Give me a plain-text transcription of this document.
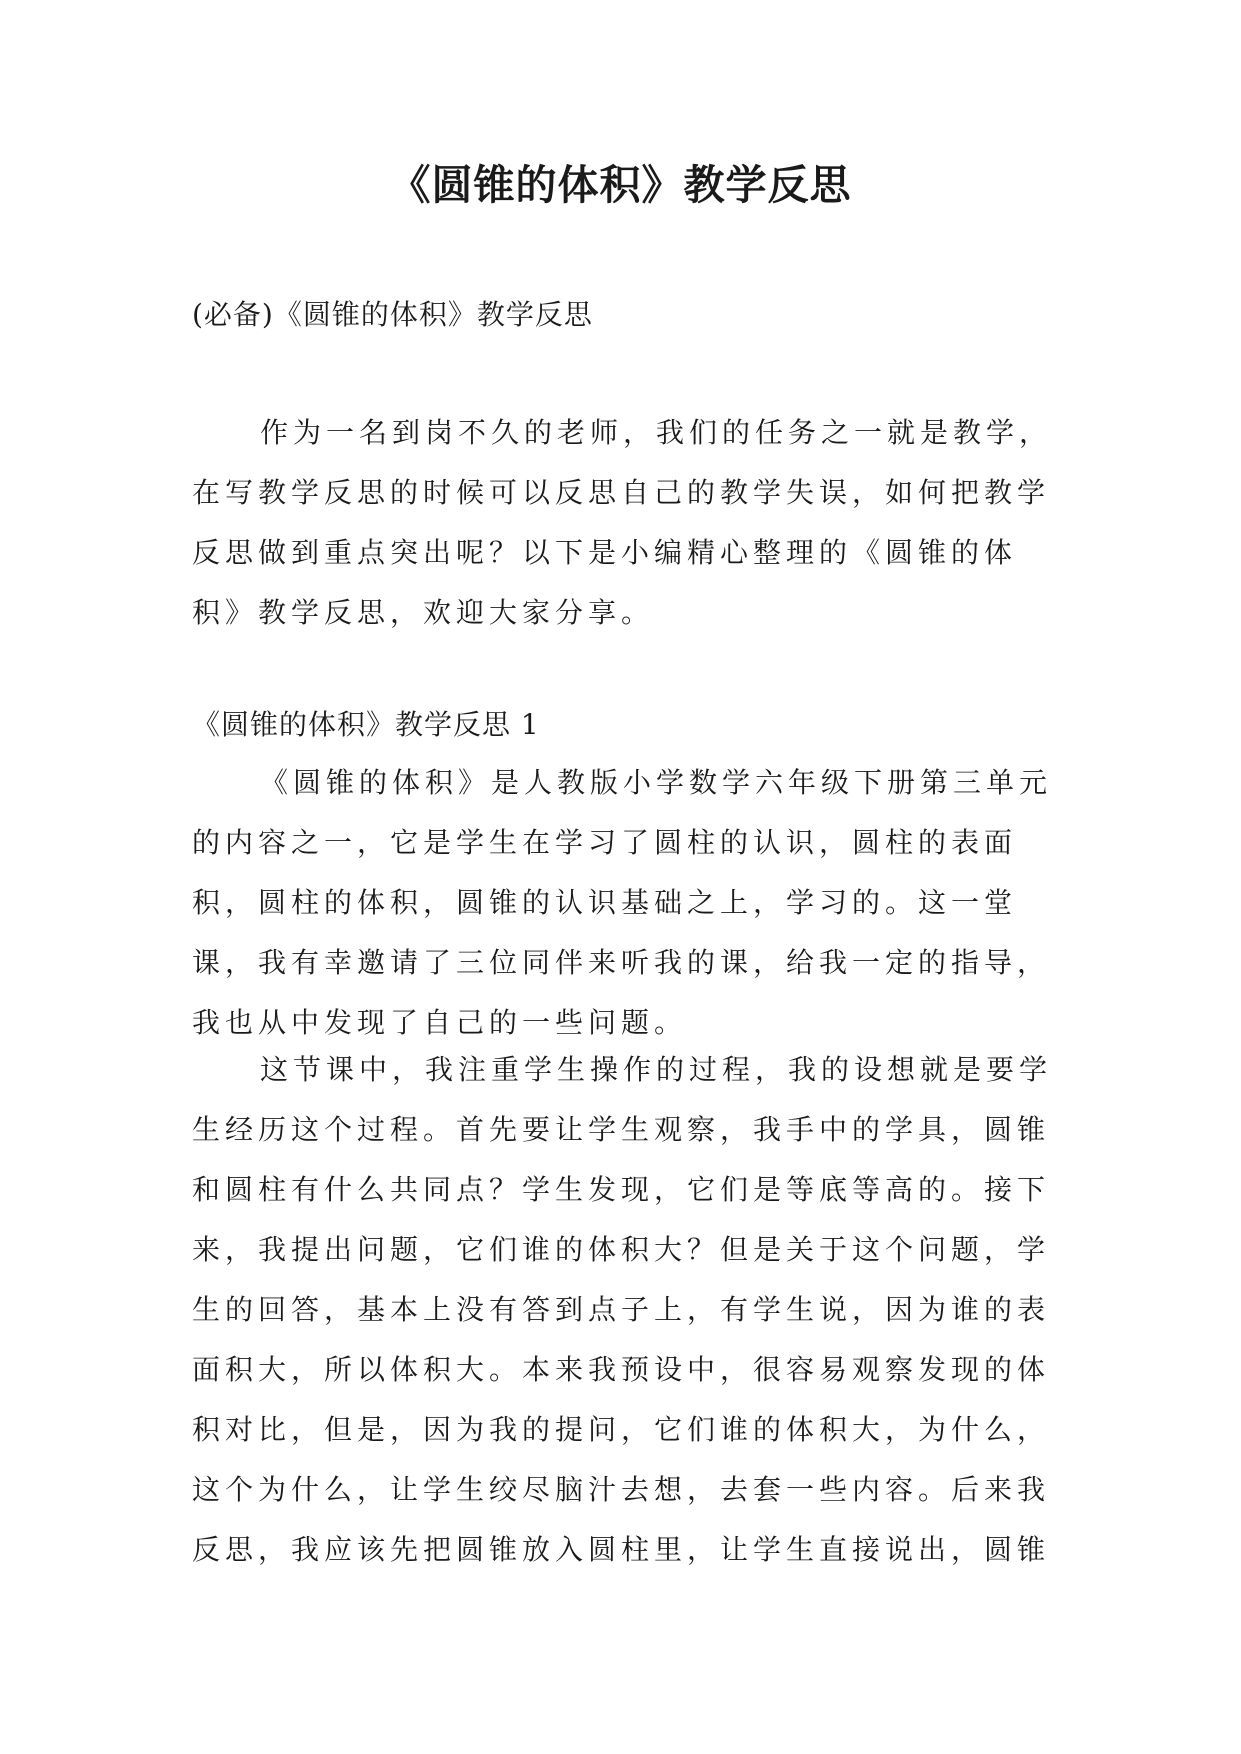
《圆锥的体积》教学反思
(必备)《圆锥的体积》教学反思

作为一名到岗不久的老师，我们的任务之一就是教学，在写教学反思的时候可以反思自己的教学失误，如何把教学反思做到重点突出呢？以下是小编精心整理的《圆锥的体积》教学反思，欢迎大家分享。

《圆锥的体积》教学反思 1

《圆锥的体积》是人教版小学数学六年级下册第三单元的内容之一，它是学生在学习了圆柱的认识，圆柱的表面积，圆柱的体积，圆锥的认识基础之上，学习的。这一堂课，我有幸邀请了三位同伴来听我的课，给我一定的指导，我也从中发现了自己的一些问题。

这节课中，我注重学生操作的过程，我的设想就是要学生经历这个过程。首先要让学生观察，我手中的学具，圆锥和圆柱有什么共同点？学生发现，它们是等底等高的。接下来，我提出问题，它们谁的体积大？但是关于这个问题，学生的回答，基本上没有答到点子上，有学生说，因为谁的表面积大，所以体积大。本来我预设中，很容易观察发现的体积对比，但是，因为我的提问，它们谁的体积大，为什么，这个为什么，让学生绞尽脑汁去想，去套一些内容。后来我反思，我应该先把圆锥放入圆柱里，让学生直接说出，圆锥
